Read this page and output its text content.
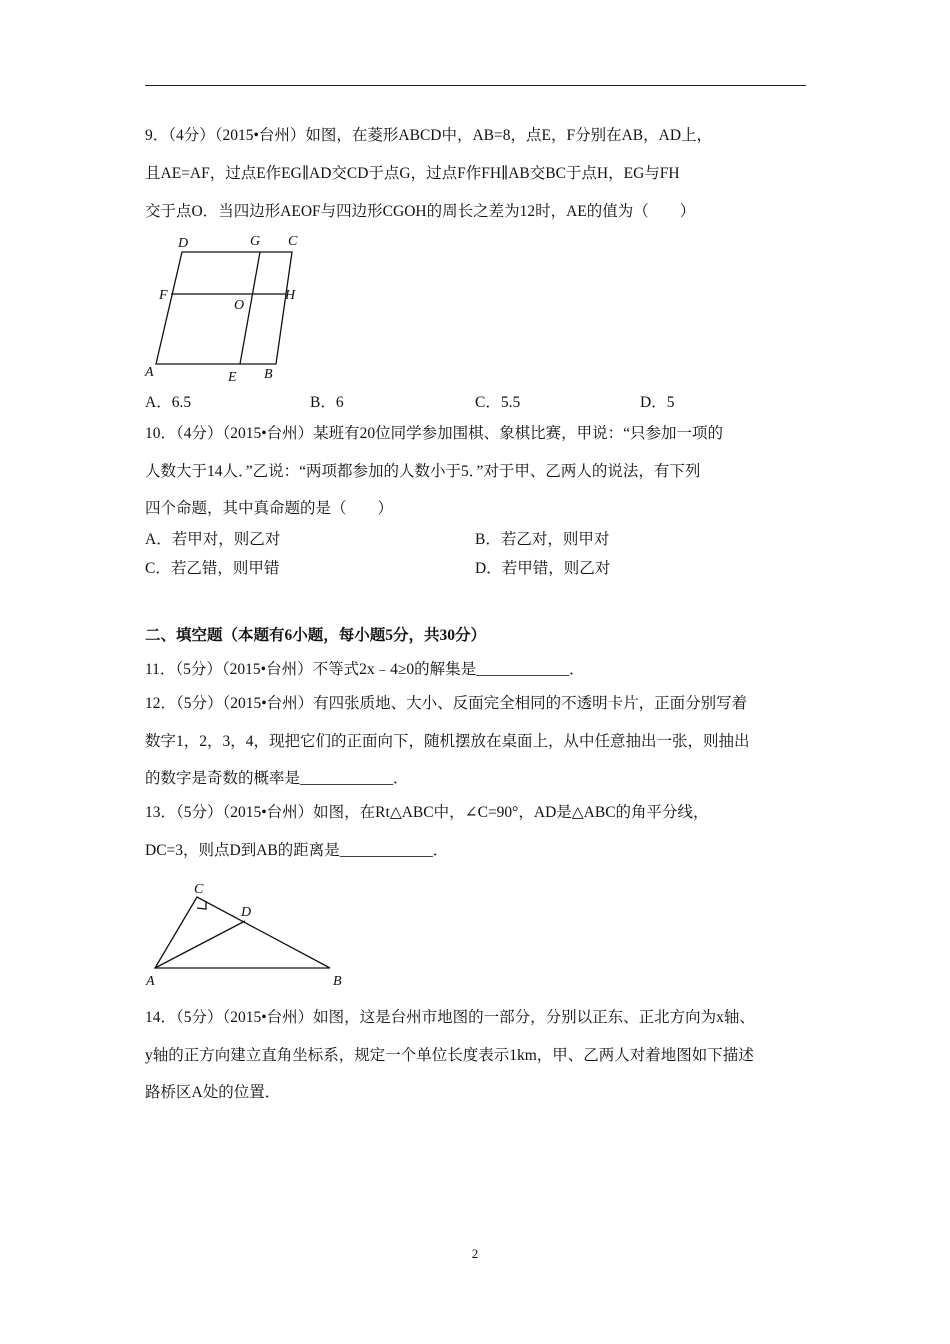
9．（4分）（2015•台州）如图，在菱形ABCD中，AB=8，点E，F分别在AB，AD上，
且AE=AF，过点E作EG∥AD交CD于点G，过点F作FH∥AB交BC于点H，EG与FH
交于点O．当四边形AEOF与四边形CGOH的周长之差为12时，AE的值为（　　）
D	G C
F
O
H
A	E B
A．6.5	B．6	C．5.5	D．5
10．（4分）（2015•台州）某班有20位同学参加围棋、象棋比赛，甲说：“只参加一项的
人数大于14人．”乙说：“两项都参加的人数小于5．”对于甲、乙两人的说法，有下列
四个命题，其中真命题的是（　　）
A．若甲对，则乙对	B．若乙对，则甲对
C．若乙错，则甲错	D．若甲错，则乙对
二、填空题（本题有6小题，每小题5分，共30分）
11．（5分）（2015•台州）不等式2x﹣4≥0的解集是____________．
12．（5分）（2015•台州）有四张质地、大小、反面完全相同的不透明卡片，正面分别写着
数字1，2，3，4，现把它们的正面向下，随机摆放在桌面上，从中任意抽出一张，则抽出
的数字是奇数的概率是____________．
13．（5分）（2015•台州）如图，在Rt△ABC中，∠C=90°，AD是△ABC的角平分线，
DC=3，则点D到AB的距离是____________．
C
D
A	B
14．（5分）（2015•台州）如图，这是台州市地图的一部分，分别以正东、正北方向为x轴、
y轴的正方向建立直角坐标系，规定一个单位长度表示1km，甲、乙两人对着地图如下描述
路桥区A处的位置．
2
